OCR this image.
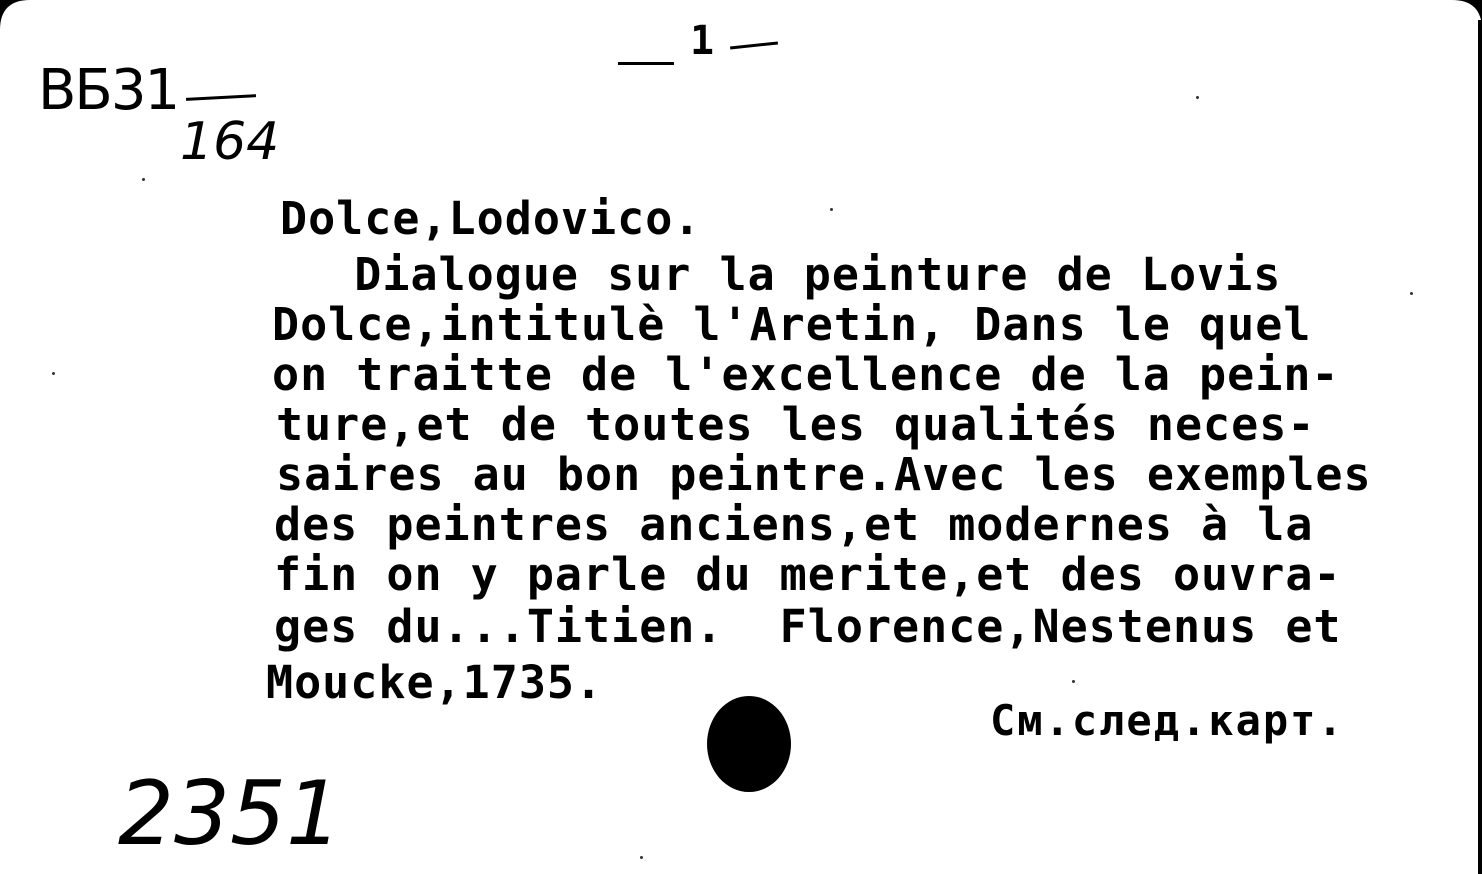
1
ВБ31
164
Dolce,Lodovico.
Dialogue sur la peinture de Lovis
Dolce,intitulè l'Aretin, Dans le quel
on traitte de l'excellence de la pein-
ture,et de toutes les qualités neces-
saires au bon peintre.Avec les exemples
des peintres anciens,et modernes à la
fin on y parle du merite,et des ouvra-
ges du...Titien.  Florence,Nestenus et
Moucke,1735.
См.след.карт.
2351
